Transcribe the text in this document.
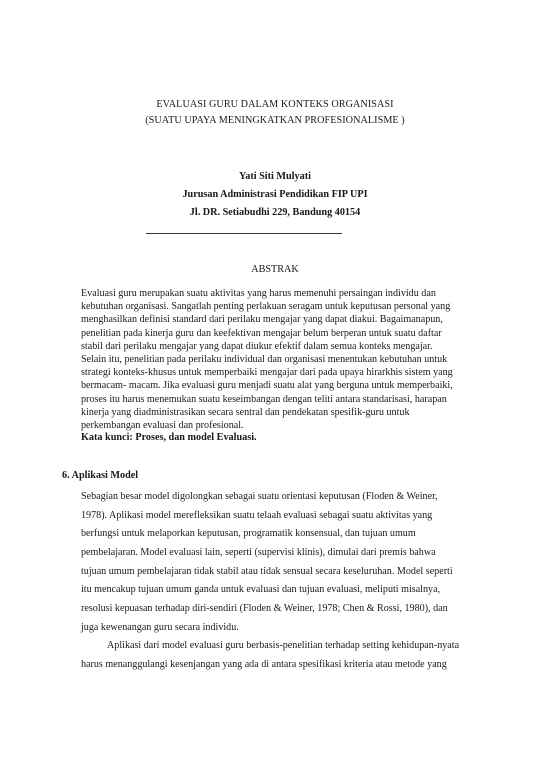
EVALUASI GURU DALAM KONTEKS ORGANISASI
(SUATU UPAYA MENINGKATKAN PROFESIONALISME )
Yati Siti Mulyati
Jurusan Administrasi Pendidikan FIP UPI
Jl. DR. Setiabudhi 229, Bandung 40154
ABSTRAK
Evaluasi guru merupakan suatu aktivitas yang harus memenuhi persaingan individu dan
kebutuhan organisasi. Sangatlah penting perlakuan seragam untuk keputusan personal yang
menghasilkan definisi standard dari perilaku mengajar yang dapat diakui. Bagaimanapun,
penelitian pada kinerja guru dan keefektivan mengajar belum berperan untuk suatu daftar
stabil dari perilaku mengajar yang dapat diukur efektif dalam semua konteks mengajar.
Selain itu, penelitian pada perilaku individual dan organisasi menentukan kebutuhan untuk
strategi konteks-khusus untuk memperbaiki mengajar dari pada upaya hirarkhis sistem yang
bermacam- macam. Jika evaluasi guru menjadi suatu alat yang berguna untuk memperbaiki,
proses itu harus menemukan suatu keseimbangan dengan teliti antara standarisasi, harapan
kinerja yang diadministrasikan secara sentral dan pendekatan spesifik-guru untuk
perkembangan evaluasi dan profesional.
Kata kunci: Proses, dan model Evaluasi.
6. Aplikasi Model
Sebagian besar model digolongkan sebagai suatu orientasi keputusan (Floden & Weiner,
1978). Aplikasi model merefleksikan suatu telaah evaluasi sebagai suatu aktivitas yang
berfungsi untuk melaporkan keputusan, programatik konsensual, dan tujuan umum
pembelajaran. Model evaluasi lain, seperti (supervisi klinis), dimulai dari premis bahwa
tujuan umum pembelajaran tidak stabil atau tidak sensual secara keseluruhan. Model seperti
itu mencakup tujuan umum ganda untuk evaluasi dan tujuan evaluasi, meliputi misalnya,
resolusi kepuasan terhadap diri-sendiri (Floden & Weiner, 1978; Chen & Rossi, 1980), dan
juga kewenangan guru secara individu.
Aplikasi dari model evaluasi guru berbasis-penelitian terhadap setting kehidupan-nyata
harus menanggulangi kesenjangan yang ada di antara spesifikasi kriteria atau metode yang
